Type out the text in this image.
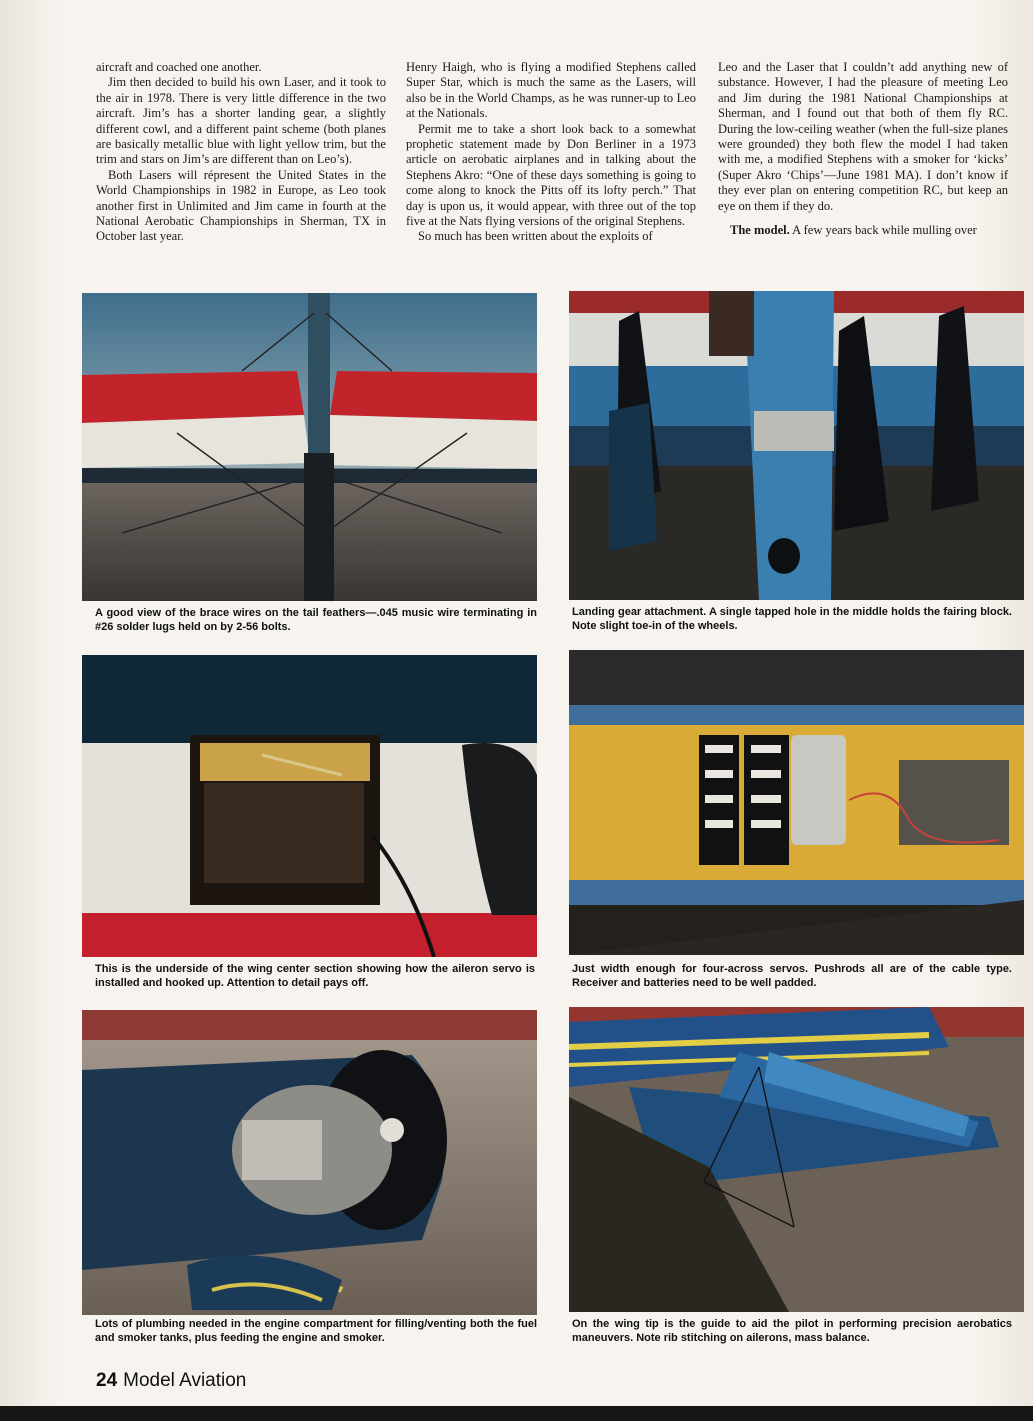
aircraft and coached one another.

Jim then decided to build his own Laser, and it took to the air in 1978. There is very little difference in the two aircraft. Jim’s has a shorter landing gear, a slightly different cowl, and a different paint scheme (both planes are basically metallic blue with light yellow trim, but the trim and stars on Jim’s are different than on Leo’s).

Both Lasers will répresent the United States in the World Championships in 1982 in Europe, as Leo took another first in Unlimited and Jim came in fourth at the National Aerobatic Championships in Sherman, TX in October last year.

Henry Haigh, who is flying a modified Stephens called Super Star, which is much the same as the Lasers, will also be in the World Champs, as he was runner-up to Leo at the Nationals.

Permit me to take a short look back to a somewhat prophetic statement made by Don Berliner in a 1973 article on aerobatic airplanes and in talking about the Stephens Akro: “One of these days something is going to come along to knock the Pitts off its lofty perch.” That day is upon us, it would appear, with three out of the top five at the Nats flying versions of the original Stephens.

So much has been written about the exploits of

Leo and the Laser that I couldn’t add anything new of substance. However, I had the pleasure of meeting Leo and Jim during the 1981 National Championships at Sherman, and I found out that both of them fly RC. During the low-ceiling weather (when the full-size planes were grounded) they both flew the model I had taken with me, a modified Stephens with a smoker for ‘kicks’ (Super Akro ‘Chips’—June 1981 MA). I don’t know if they ever plan on entering competition RC, but keep an eye on them if they do.

The model. A few years back while mulling over

A good view of the brace wires on the tail feathers—.045 music wire terminating in #26 solder lugs held on by 2-56 bolts.
Landing gear attachment. A single tapped hole in the middle holds the fairing block. Note slight toe-in of the wheels.
This is the underside of the wing center section showing how the aileron servo is installed and hooked up. Attention to detail pays off.
Just width enough for four-across servos. Pushrods all are of the cable type. Receiver and batteries need to be well padded.
Lots of plumbing needed in the engine compartment for filling/venting both the fuel and smoker tanks, plus feeding the engine and smoker.
On the wing tip is the guide to aid the pilot in performing precision aerobatics maneuvers. Note rib stitching on ailerons, mass balance.
24 Model Aviation
